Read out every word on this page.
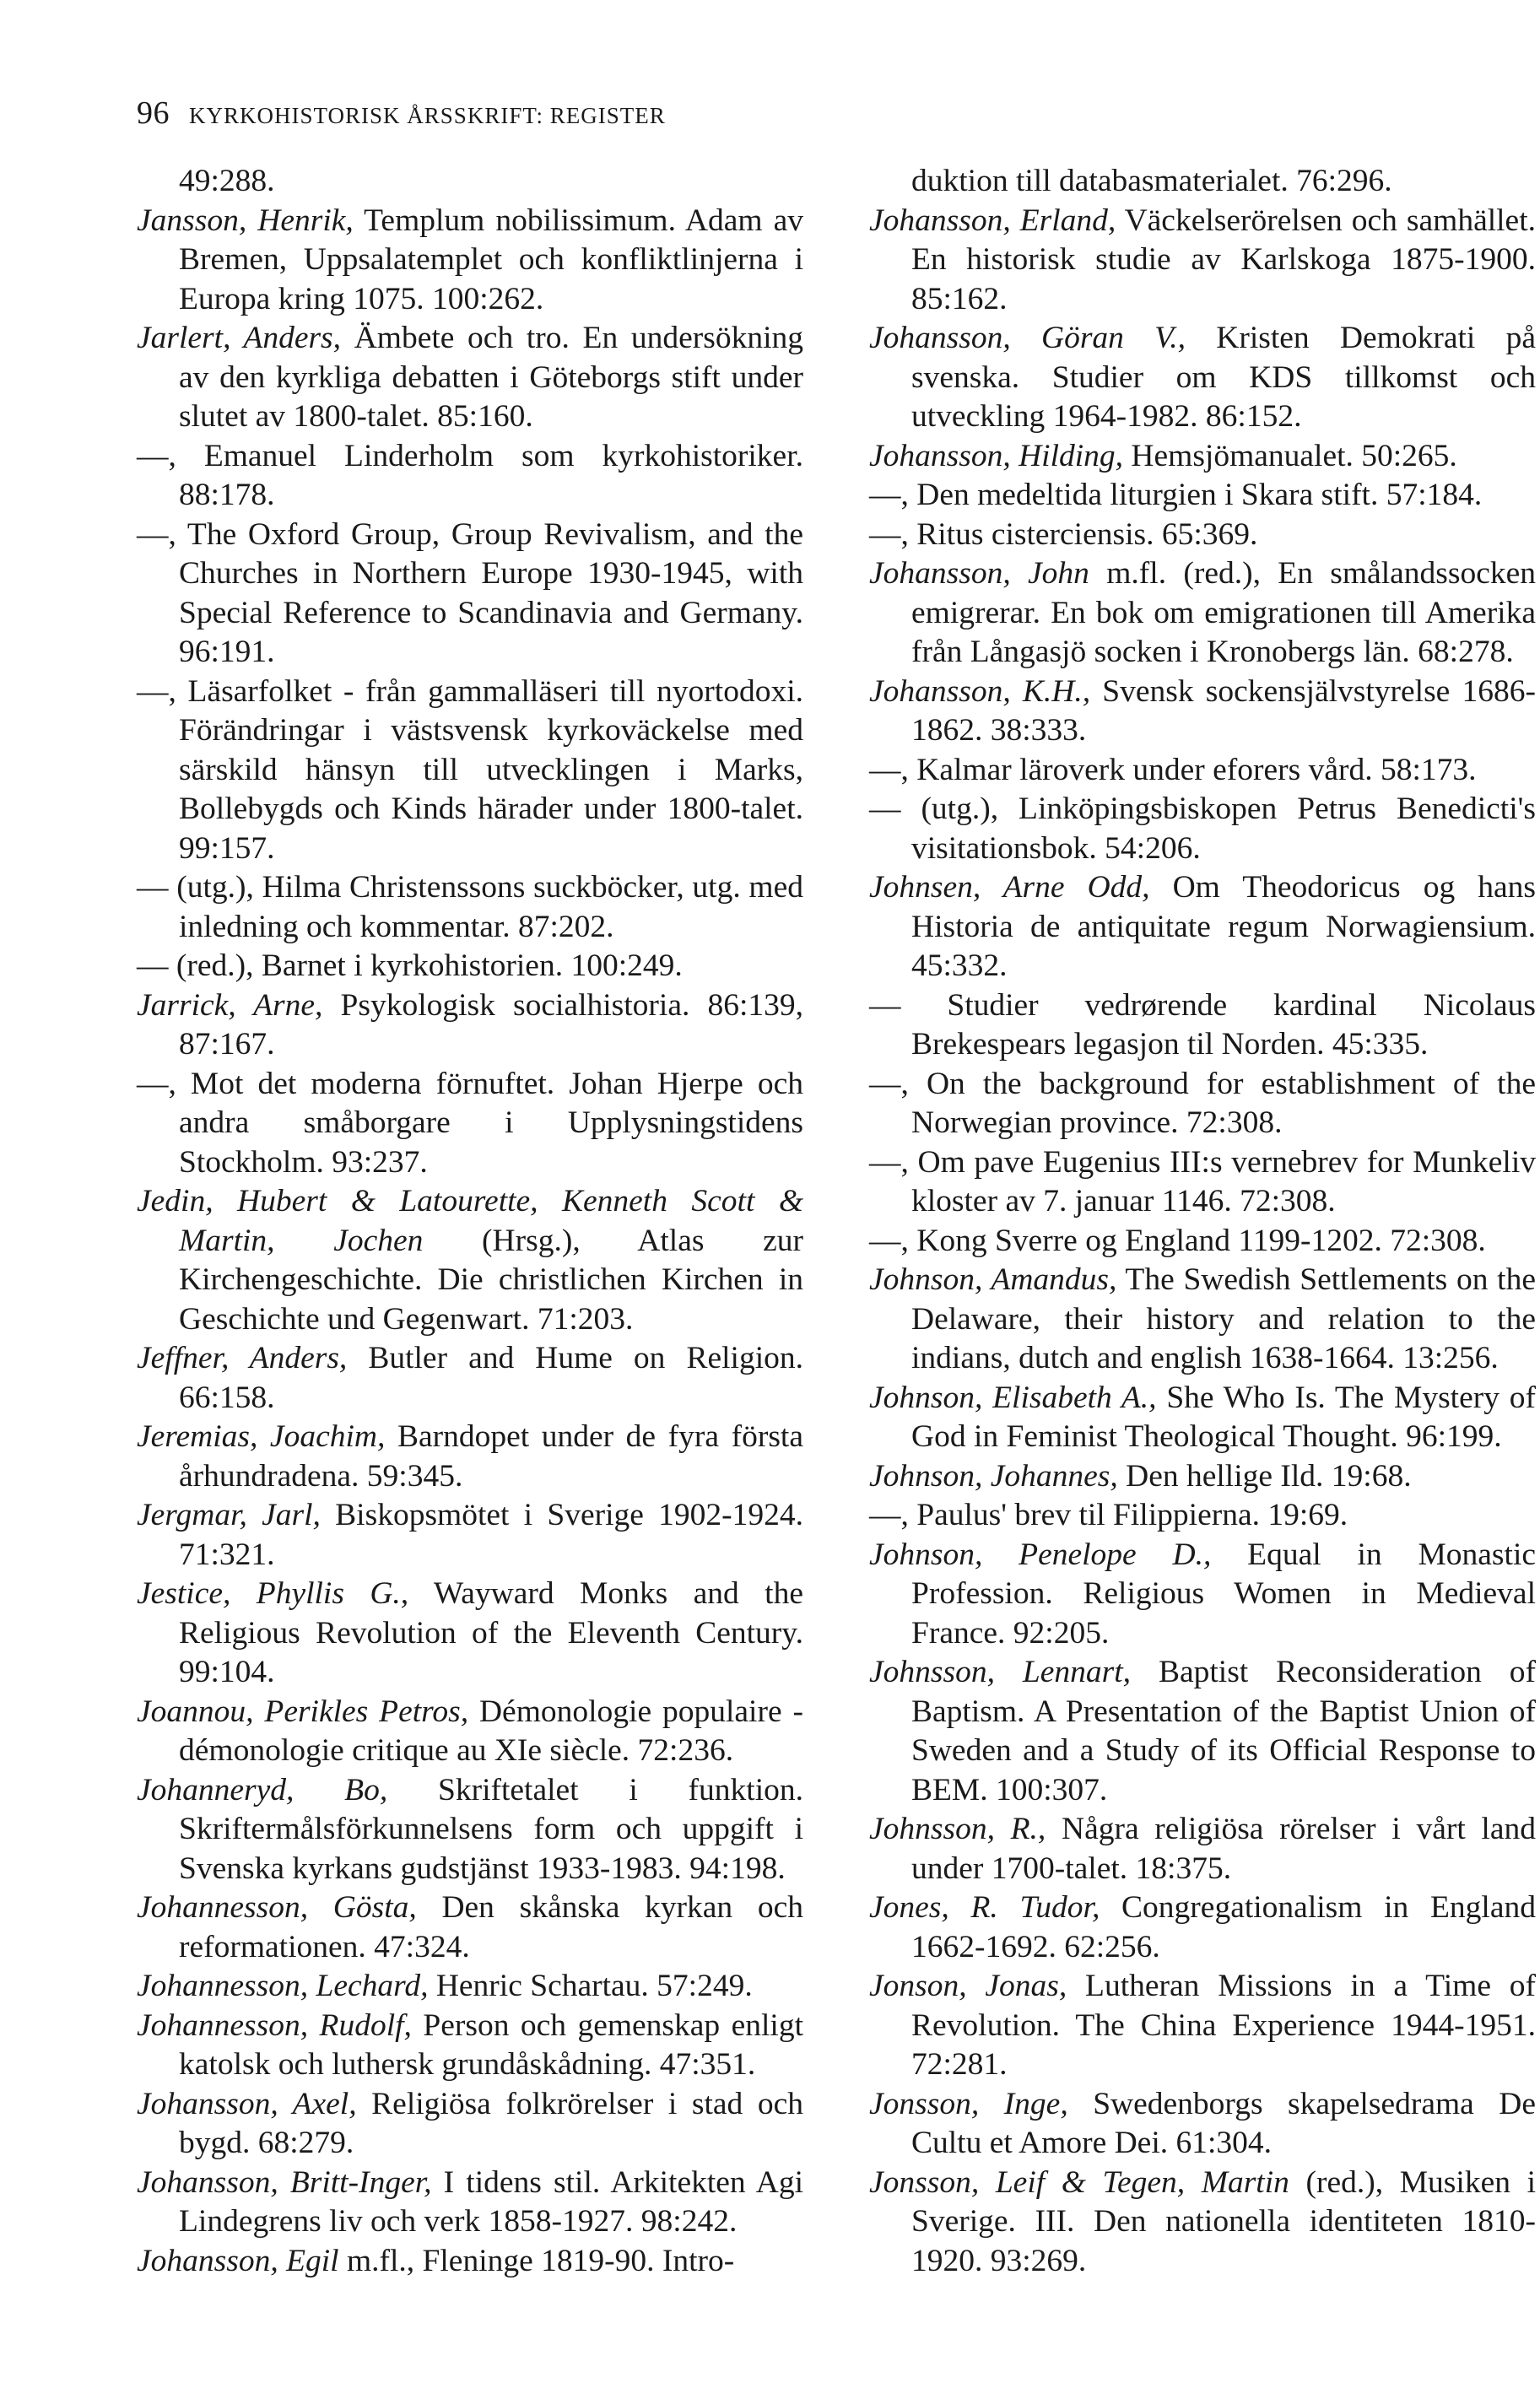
96 KYRKOHISTORISK ÅRSSKRIFT: REGISTER
49:288.
Jansson, Henrik, Templum nobilissimum. Adam av Bremen, Uppsalatemplet och konfliktlinjerna i Europa kring 1075. 100:262.
Jarlert, Anders, Ämbete och tro. En undersökning av den kyrkliga debatten i Göteborgs stift under slutet av 1800-talet. 85:160.
—, Emanuel Linderholm som kyrkohistoriker. 88:178.
—, The Oxford Group, Group Revivalism, and the Churches in Northern Europe 1930-1945, with Special Reference to Scandinavia and Germany. 96:191.
—, Läsarfolket - från gammalläseri till nyortodoxi. Förändringar i västsvensk kyrkoväckelse med särskild hänsyn till utvecklingen i Marks, Bollebygds och Kinds härader under 1800-talet. 99:157.
— (utg.), Hilma Christenssons suckböcker, utg. med inledning och kommentar. 87:202.
— (red.), Barnet i kyrkohistorien. 100:249.
Jarrick, Arne, Psykologisk socialhistoria. 86:139, 87:167.
—, Mot det moderna förnuftet. Johan Hjerpe och andra småborgare i Upplysningstidens Stockholm. 93:237.
Jedin, Hubert & Latourette, Kenneth Scott & Martin, Jochen (Hrsg.), Atlas zur Kirchengeschichte. Die christlichen Kirchen in Geschichte und Gegenwart. 71:203.
Jeffner, Anders, Butler and Hume on Religion. 66:158.
Jeremias, Joachim, Barndopet under de fyra första århundradena. 59:345.
Jergmar, Jarl, Biskopsmötet i Sverige 1902-1924. 71:321.
Jestice, Phyllis G., Wayward Monks and the Religious Revolution of the Eleventh Century. 99:104.
Joannou, Perikles Petros, Démonologie populaire - démonologie critique au XIe siècle. 72:236.
Johanneryd, Bo, Skriftetalet i funktion. Skriftermålsförkunnelsens form och uppgift i Svenska kyrkans gudstjänst 1933-1983. 94:198.
Johannesson, Gösta, Den skånska kyrkan och reformationen. 47:324.
Johannesson, Lechard, Henric Schartau. 57:249.
Johannesson, Rudolf, Person och gemenskap enligt katolsk och luthersk grundåskådning. 47:351.
Johansson, Axel, Religiösa folkrörelser i stad och bygd. 68:279.
Johansson, Britt-Inger, I tidens stil. Arkitekten Agi Lindegrens liv och verk 1858-1927. 98:242.
Johansson, Egil m.fl., Fleninge 1819-90. Intro-
duktion till databasmaterialet. 76:296.
Johansson, Erland, Väckelserörelsen och samhället. En historisk studie av Karlskoga 1875-1900. 85:162.
Johansson, Göran V., Kristen Demokrati på svenska. Studier om KDS tillkomst och utveckling 1964-1982. 86:152.
Johansson, Hilding, Hemsjömanualet. 50:265.
—, Den medeltida liturgien i Skara stift. 57:184.
—, Ritus cisterciensis. 65:369.
Johansson, John m.fl. (red.), En smålandssocken emigrerar. En bok om emigrationen till Amerika från Långasjö socken i Kronobergs län. 68:278.
Johansson, K.H., Svensk sockensjälvstyrelse 1686-1862. 38:333.
—, Kalmar läroverk under eforers vård. 58:173.
— (utg.), Linköpingsbiskopen Petrus Benedicti's visitationsbok. 54:206.
Johnsen, Arne Odd, Om Theodoricus og hans Historia de antiquitate regum Norwagiensium. 45:332.
— Studier vedrørende kardinal Nicolaus Brekespears legasjon til Norden. 45:335.
—, On the background for establishment of the Norwegian province. 72:308.
—, Om pave Eugenius III:s vernebrev for Munkeliv kloster av 7. januar 1146. 72:308.
—, Kong Sverre og England 1199-1202. 72:308.
Johnson, Amandus, The Swedish Settlements on the Delaware, their history and relation to the indians, dutch and english 1638-1664. 13:256.
Johnson, Elisabeth A., She Who Is. The Mystery of God in Feminist Theological Thought. 96:199.
Johnson, Johannes, Den hellige Ild. 19:68.
—, Paulus' brev til Filippierna. 19:69.
Johnson, Penelope D., Equal in Monastic Profession. Religious Women in Medieval France. 92:205.
Johnsson, Lennart, Baptist Reconsideration of Baptism. A Presentation of the Baptist Union of Sweden and a Study of its Official Response to BEM. 100:307.
Johnsson, R., Några religiösa rörelser i vårt land under 1700-talet. 18:375.
Jones, R. Tudor, Congregationalism in England 1662-1692. 62:256.
Jonson, Jonas, Lutheran Missions in a Time of Revolution. The China Experience 1944-1951. 72:281.
Jonsson, Inge, Swedenborgs skapelsedrama De Cultu et Amore Dei. 61:304.
Jonsson, Leif & Tegen, Martin (red.), Musiken i Sverige. III. Den nationella identiteten 1810-1920. 93:269.
